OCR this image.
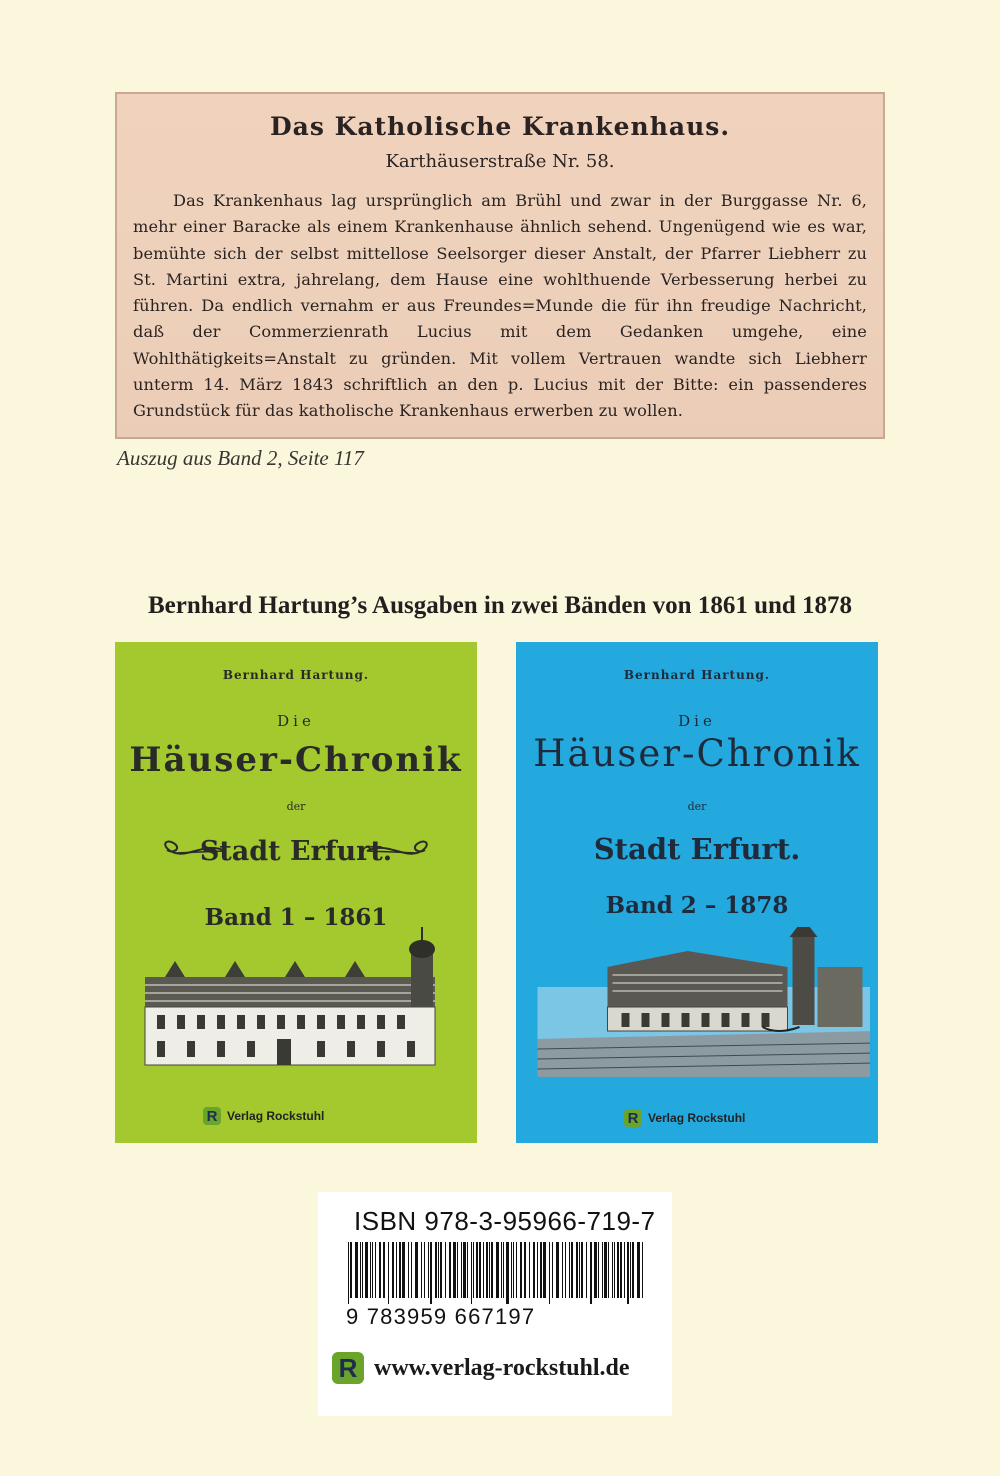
Das Katholische Krankenhaus.
Karthäuserstraße Nr. 58.
Das Krankenhaus lag ursprünglich am Brühl und zwar in der Burggasse Nr. 6, mehr einer Baracke als einem Krankenhause ähnlich sehend. Ungenügend wie es war, bemühte sich der selbst mittellose Seelsorger dieser Anstalt, der Pfarrer Liebherr zu St. Martini extra, jahrelang, dem Hause eine wohlthuende Verbesserung herbei zu führen. Da endlich vernahm er aus Freundes=Munde die für ihn freudige Nachricht, daß der Commerzienrath Lucius mit dem Gedanken umgehe, eine Wohlthätigkeits=Anstalt zu gründen. Mit vollem Vertrauen wandte sich Liebherr unterm 14. März 1843 schriftlich an den p. Lucius mit der Bitte: ein passenderes Grundstück für das katholische Krankenhaus erwerben zu wollen.
Auszug aus Band 2, Seite 117
Bernhard Hartung’s Ausgaben in zwei Bänden von 1861 und 1878
Bernhard Hartung.
Die
Häuser-Chronik
der
Stadt Erfurt.
Band 1 – 1861
R Verlag Rockstuhl
Bernhard Hartung.
Die
Häuser-Chronik
der
Stadt Erfurt.
Band 2 – 1878
R Verlag Rockstuhl
ISBN 978-3-95966-719-7
9 783959 667197
R www.verlag-rockstuhl.de
